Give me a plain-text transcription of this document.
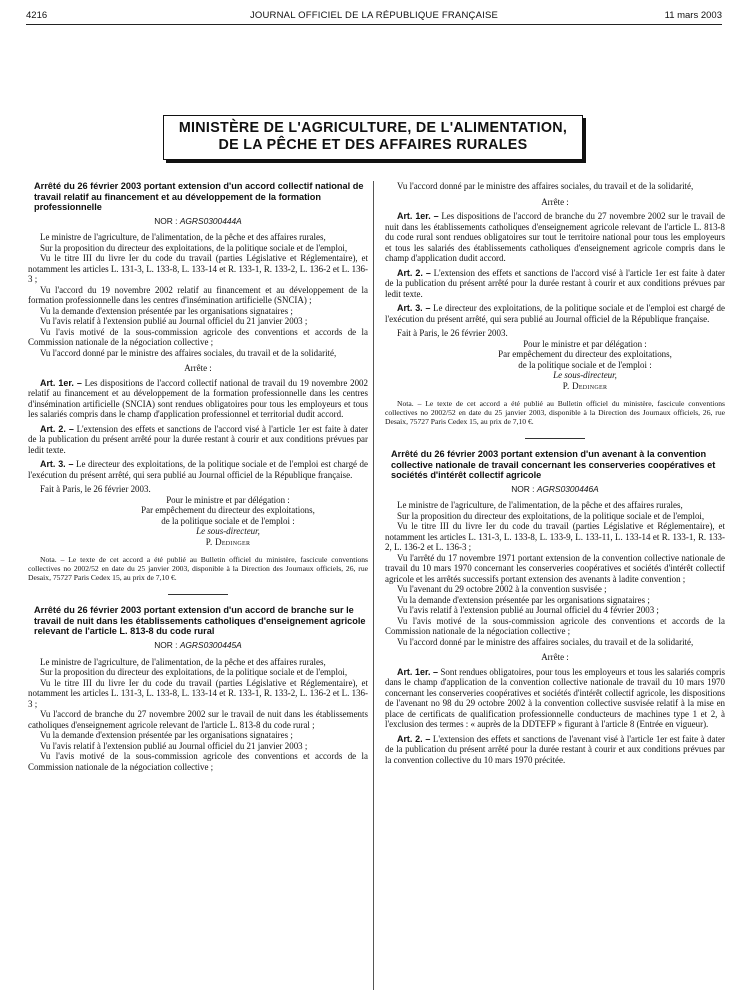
4216	JOURNAL OFFICIEL DE LA RÉPUBLIQUE FRANÇAISE	11 mars 2003
MINISTÈRE DE L'AGRICULTURE, DE L'ALIMENTATION,
DE LA PÊCHE ET DES AFFAIRES RURALES
Arrêté du 26 février 2003 portant extension d'un accord collectif national de travail relatif au financement et au développement de la formation professionnelle
NOR : AGRS0300444A

Le ministre de l'agriculture, de l'alimentation, de la pêche et des affaires rurales,

Sur la proposition du directeur des exploitations, de la politique sociale et de l'emploi,

Vu le titre III du livre Ier du code du travail (parties Législative et Réglementaire), et notamment les articles L. 131-3, L. 133-8, L. 133-14 et R. 133-1, R. 133-2, L. 136-2 et L. 136-3 ;

Vu l'accord du 19 novembre 2002 relatif au financement et au développement de la formation professionnelle dans les centres d'insémination artificielle (SNCIA) ;

Vu la demande d'extension présentée par les organisations signataires ;

Vu l'avis relatif à l'extension publié au Journal officiel du 21 janvier 2003 ;

Vu l'avis motivé de la sous-commission agricole des conventions et accords de la Commission nationale de la négociation collective ;

Vu l'accord donné par le ministre des affaires sociales, du travail et de la solidarité,

Arrête :

Art. 1er. – Les dispositions de l'accord collectif national de travail du 19 novembre 2002 relatif au financement et au développement de la formation professionnelle dans les centres d'insémination artificielle (SNCIA) sont rendues obligatoires pour tous les employeurs et tous les salariés compris dans le champ d'application professionnel et territorial dudit accord.

Art. 2. – L'extension des effets et sanctions de l'accord visé à l'article 1er est faite à dater de la publication du présent arrêté pour la durée restant à courir et aux conditions prévues par ledit texte.

Art. 3. – Le directeur des exploitations, de la politique sociale et de l'emploi est chargé de l'exécution du présent arrêté, qui sera publié au Journal officiel de la République française.

Fait à Paris, le 26 février 2003.

Pour le ministre et par délégation :

Par empêchement du directeur des exploitations,

de la politique sociale et de l'emploi :

Le sous-directeur,

P. Dedinger

Nota. – Le texte de cet accord a été publié au Bulletin officiel du ministère, fascicule conventions collectives no 2002/52 en date du 25 janvier 2003, disponible à la Direction des Journaux officiels, 26, rue Desaix, 75727 Paris Cedex 15, au prix de 7,10 €.

Arrêté du 26 février 2003 portant extension d'un accord de branche sur le travail de nuit dans les établissements catholiques d'enseignement agricole relevant de l'article L. 813-8 du code rural
NOR : AGRS0300445A

Le ministre de l'agriculture, de l'alimentation, de la pêche et des affaires rurales,

Sur la proposition du directeur des exploitations, de la politique sociale et de l'emploi,

Vu le titre III du livre Ier du code du travail (parties Législative et Réglementaire), et notamment les articles L. 131-3, L. 133-8, L. 133-14 et R. 133-1, R. 133-2, L. 136-2 et L. 136-3 ;

Vu l'accord de branche du 27 novembre 2002 sur le travail de nuit dans les établissements catholiques d'enseignement agricole relevant de l'article L. 813-8 du code rural ;

Vu la demande d'extension présentée par les organisations signataires ;

Vu l'avis relatif à l'extension publié au Journal officiel du 21 janvier 2003 ;

Vu l'avis motivé de la sous-commission agricole des conventions et accords de la Commission nationale de la négociation collective ;

Vu l'accord donné par le ministre des affaires sociales, du travail et de la solidarité,

Arrête :

Art. 1er. – Les dispositions de l'accord de branche du 27 novembre 2002 sur le travail de nuit dans les établissements catholiques d'enseignement agricole relevant de l'article L. 813-8 du code rural sont rendues obligatoires sur tout le territoire national pour tous les employeurs et tous les salariés des établissements catholiques d'enseignement agricole compris dans le champ d'application dudit accord.

Art. 2. – L'extension des effets et sanctions de l'accord visé à l'article 1er est faite à dater de la publication du présent arrêté pour la durée restant à courir et aux conditions prévues par ledit texte.

Art. 3. – Le directeur des exploitations, de la politique sociale et de l'emploi est chargé de l'exécution du présent arrêté, qui sera publié au Journal officiel de la République française.

Fait à Paris, le 26 février 2003.

Pour le ministre et par délégation :

Par empêchement du directeur des exploitations,

de la politique sociale et de l'emploi :

Le sous-directeur,

P. Dedinger

Nota. – Le texte de cet accord a été publié au Bulletin officiel du ministère, fascicule conventions collectives no 2002/52 en date du 25 janvier 2003, disponible à la Direction des Journaux officiels, 26, rue Desaix, 75727 Paris Cedex 15, au prix de 7,10 €.

Arrêté du 26 février 2003 portant extension d'un avenant à la convention collective nationale de travail concernant les conserveries coopératives et sociétés d'intérêt collectif agricole
NOR : AGRS0300446A

Le ministre de l'agriculture, de l'alimentation, de la pêche et des affaires rurales,

Sur la proposition du directeur des exploitations, de la politique sociale et de l'emploi,

Vu le titre III du livre Ier du code du travail (parties Législative et Réglementaire), et notamment les articles L. 131-3, L. 133-8, L. 133-9, L. 133-11, L. 133-14 et R. 133-1, R. 133-2, L. 136-2 et L. 136-3 ;

Vu l'arrêté du 17 novembre 1971 portant extension de la convention collective nationale de travail du 10 mars 1970 concernant les conserveries coopératives et sociétés d'intérêt collectif agricole et les arrêtés successifs portant extension des avenants à ladite convention ;

Vu l'avenant du 29 octobre 2002 à la convention susvisée ;

Vu la demande d'extension présentée par les organisations signataires ;

Vu l'avis relatif à l'extension publié au Journal officiel du 4 février 2003 ;

Vu l'avis motivé de la sous-commission agricole des conventions et accords de la Commission nationale de la négociation collective ;

Vu l'accord donné par le ministre des affaires sociales, du travail et de la solidarité,

Arrête :

Art. 1er. – Sont rendues obligatoires, pour tous les employeurs et tous les salariés compris dans le champ d'application de la convention collective nationale de travail du 10 mars 1970 concernant les conserveries coopératives et sociétés d'intérêt collectif agricole, les dispositions de l'avenant no 98 du 29 octobre 2002 à la convention collective susvisée relatif à la mise en place de certificats de qualification professionnelle conducteurs de machines type 1 et 2, à l'exclusion des termes : « auprès de la DDTEFP » figurant à l'article 8 (Entrée en vigueur).

Art. 2. – L'extension des effets et sanctions de l'avenant visé à l'article 1er est faite à dater de la publication du présent arrêté pour la durée restant à courir et aux conditions prévues par la convention collective du 10 mars 1970 précitée.
